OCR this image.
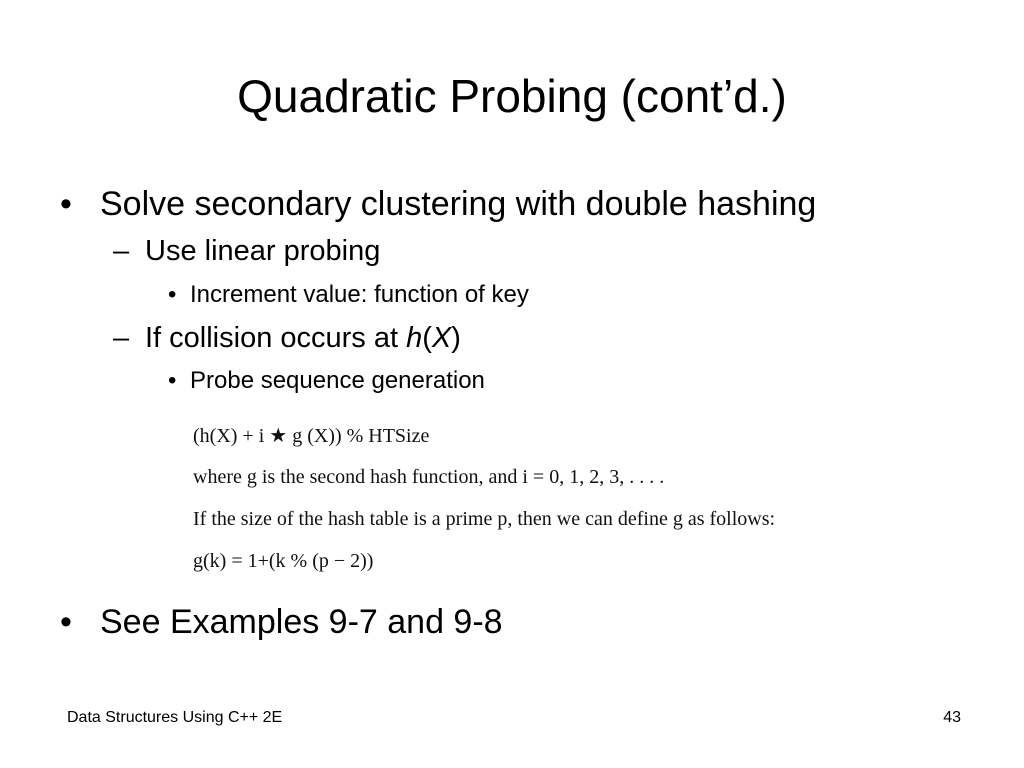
Quadratic Probing (cont’d.)
• Solve secondary clustering with double hashing
– Use linear probing
• Increment value: function of key
– If collision occurs at h(X)
• Probe sequence generation
(h(X) + i ★ g (X)) % HTSize
where g is the second hash function, and i = 0, 1, 2, 3, . . . .
If the size of the hash table is a prime p, then we can define g as follows:
g(k) = 1+(k % (p − 2))
• See Examples 9-7 and 9-8
Data Structures Using C++ 2E	43
